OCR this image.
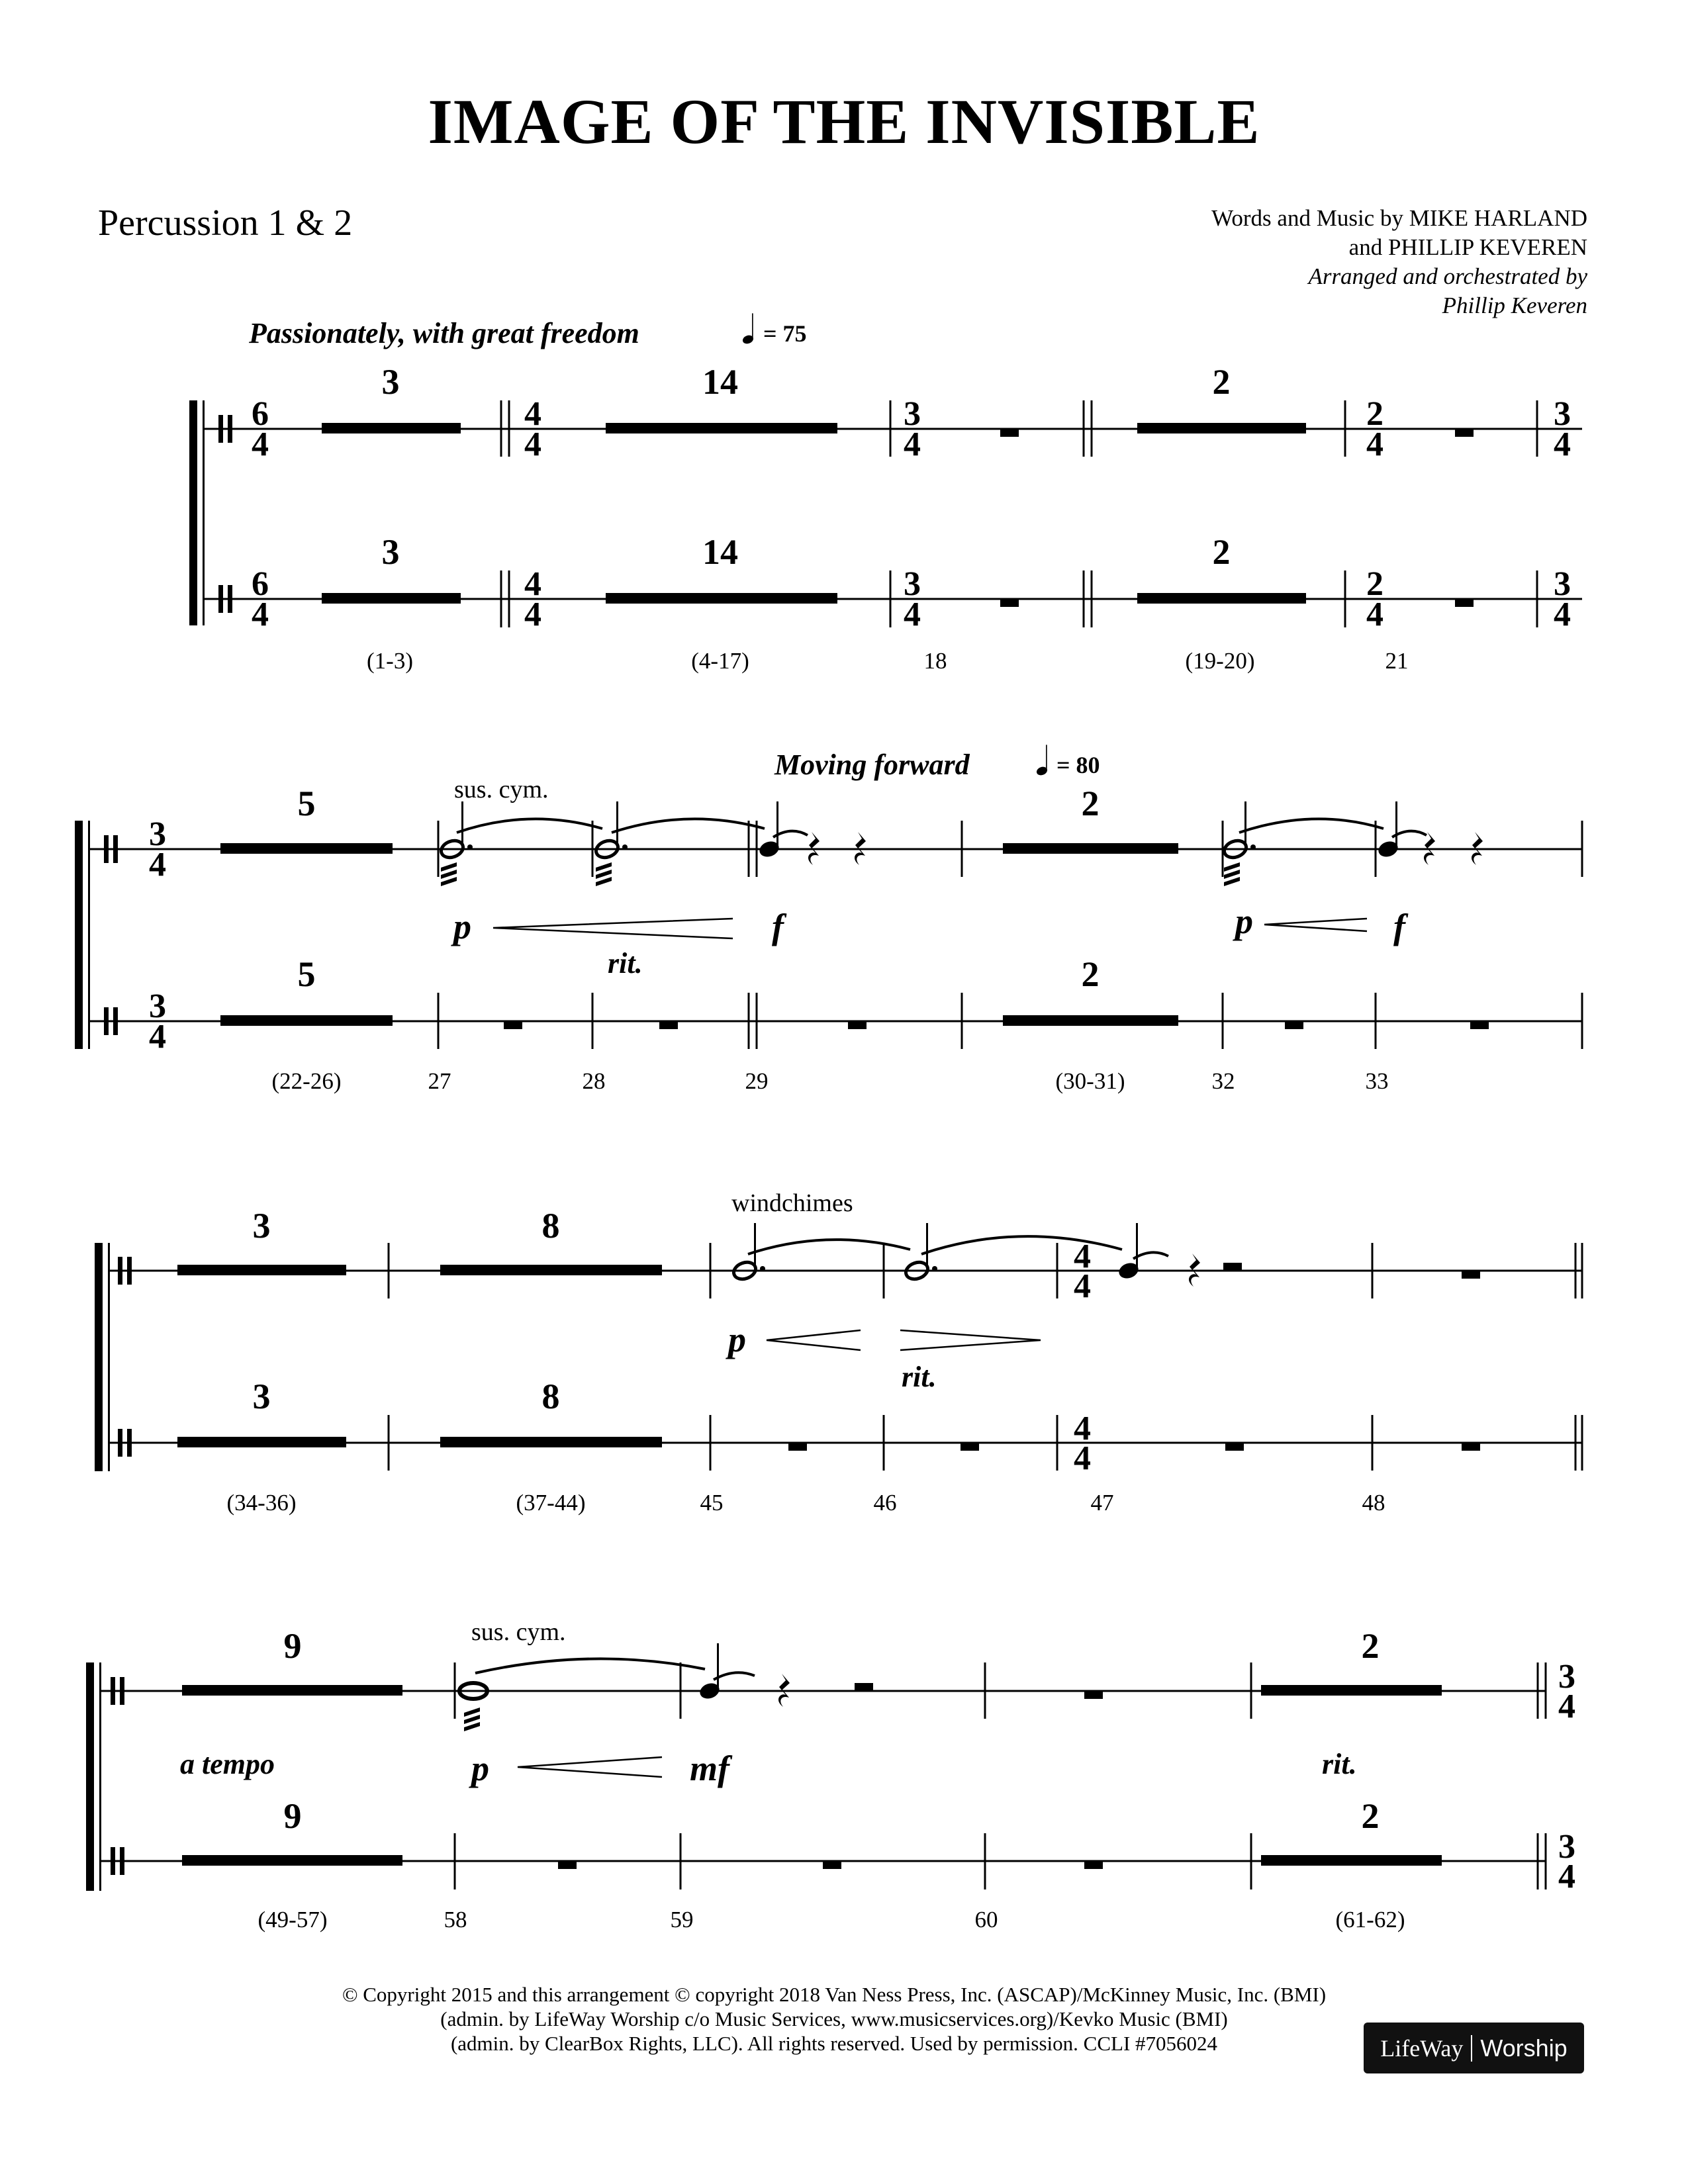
IMAGE OF THE INVISIBLE
Percussion 1 & 2	Words and Music by MIKE HARLAND
and PHILLIP KEVEREN
Arranged and orchestrated by
Phillip Keveren
6
4
6
4
4
4
4
4
3
4
3
4
2
4
2
4
3
4
3
4
3
3
14
14
2
2
Passionately, with great freedom	= 75
(1-3)	(4-17)	18	(19-20)	21
3
4
3
4
5
5
2
2
p	f	p	f
rit.
sus. cym.
Moving forward	= 80
(22-26)	27	28	29	(30-31)	32	33
3
3
8
8
4
4
4
4
p
rit.
windchimes
(34-36)	(37-44)	45	46	47	48
9
9
2
2
3
4
3
4
p	mf
a tempo	rit.
sus. cym.
(49-57)	58	59	60	(61-62)
© Copyright 2015 and this arrangement © copyright 2018 Van Ness Press, Inc. (ASCAP)/McKinney Music, Inc. (BMI)
(admin. by LifeWay Worship c/o Music Services, www.musicservices.org)/Kevko Music (BMI)
(admin. by ClearBox Rights, LLC). All rights reserved. Used by permission. CCLI #7056024	LifeWay Worship
